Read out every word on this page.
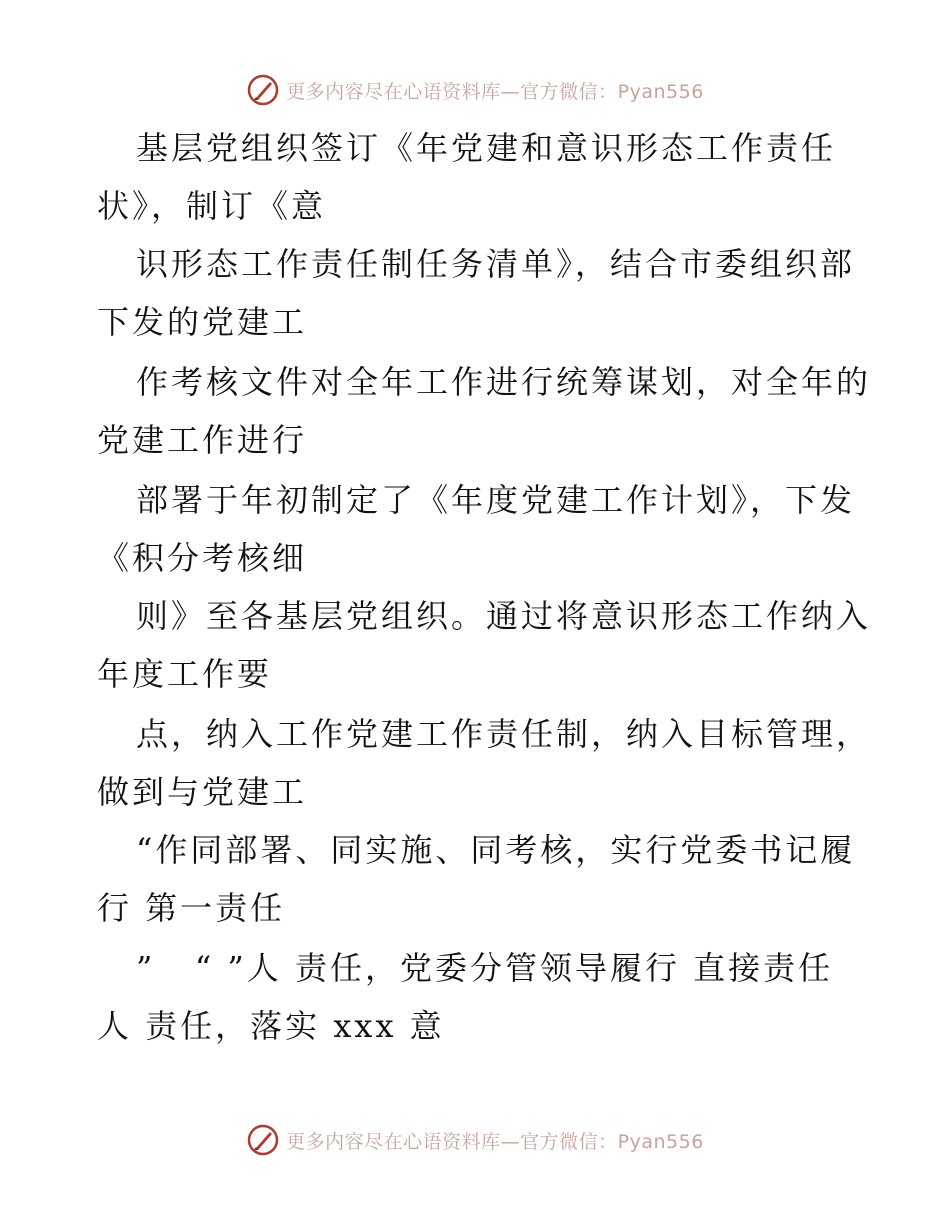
更多内容尽在心语资料库—官方微信：Pyan556
基层党组织签订《年党建和意识形态工作责任
状》，制订《意
识形态工作责任制任务清单》，结合市委组织部
下发的党建工
作考核文件对全年工作进行统筹谋划，对全年的
党建工作进行
部署于年初制定了《年度党建工作计划》，下发
《积分考核细
则》至各基层党组织。通过将意识形态工作纳入
年度工作要
点，纳入工作党建工作责任制，纳入目标管理，
做到与党建工
“作同部署、同实施、同考核，实行党委书记履
行 第一责任
”   “ ”人 责任，党委分管领导履行 直接责任
人 责任，落实 xxx 意
更多内容尽在心语资料库—官方微信：Pyan556
